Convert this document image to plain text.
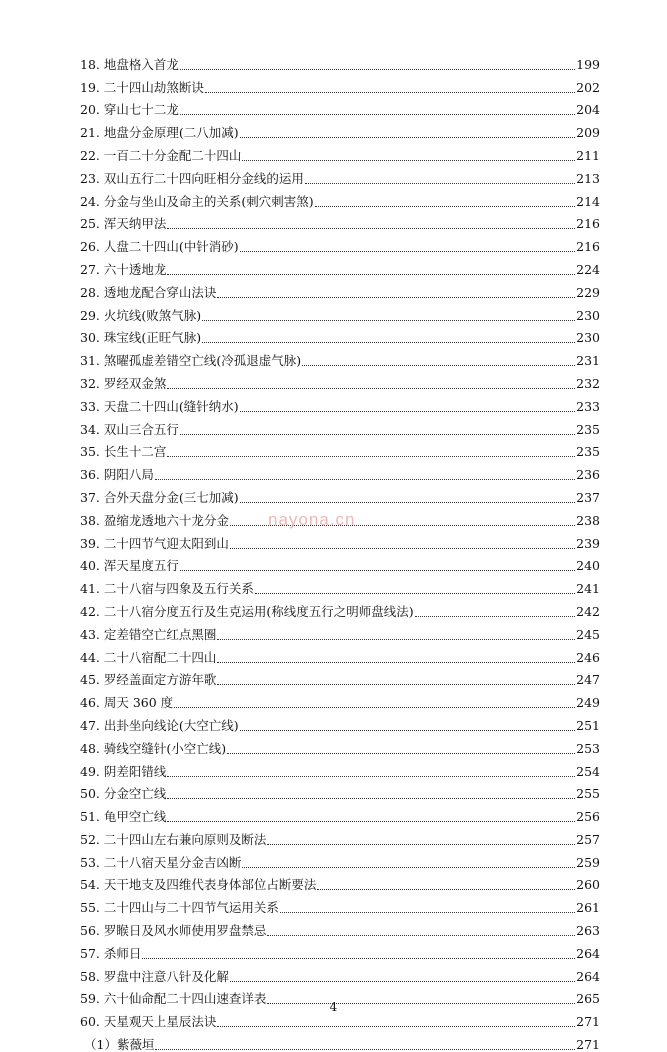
18. 地盘格入首龙	199
19. 二十四山劫煞断诀	202
20. 穿山七十二龙	204
21. 地盘分金原理(二八加减)	209
22. 一百二十分金配二十四山	211
23. 双山五行二十四向旺相分金线的运用	213
24. 分金与坐山及命主的关系(刺穴刺害煞)	214
25. 浑天纳甲法	216
26. 人盘二十四山(中针消砂)	216
27. 六十透地龙	224
28. 透地龙配合穿山法诀	229
29. 火坑线(败煞气脉)	230
30. 珠宝线(正旺气脉)	230
31. 煞曜孤虚差错空亡线(冷孤退虚气脉)	231
32. 罗经双金煞	232
33. 天盘二十四山(缝针纳水)	233
34. 双山三合五行	235
35. 长生十二宫	235
36. 阴阳八局	236
37. 合外天盘分金(三七加减)	237
38. 盈缩龙透地六十龙分金	238
39. 二十四节气迎太阳到山	239
40. 浑天星度五行	240
41. 二十八宿与四象及五行关系	241
42. 二十八宿分度五行及生克运用(称线度五行之明师盘线法)	242
43. 定差错空亡红点黑圈	245
44. 二十八宿配二十四山	246
45. 罗经盖面定方游年歌	247
46. 周天 360 度	249
47. 出卦坐向线论(大空亡线)	251
48. 骑线空缝针(小空亡线)	253
49. 阴差阳错线	254
50. 分金空亡线	255
51. 龟甲空亡线	256
52. 二十四山左右兼向原则及断法	257
53. 二十八宿天星分金吉凶断	259
54. 天干地支及四维代表身体部位占断要法	260
55. 二十四山与二十四节气运用关系	261
56. 罗睺日及风水师使用罗盘禁忌	263
57. 杀师日	264
58. 罗盘中注意八针及化解	264
59. 六十仙命配二十四山速查详表	265
60. 天星观天上星辰法诀	271
（1）紫薇垣	271
nayona.cn
4
